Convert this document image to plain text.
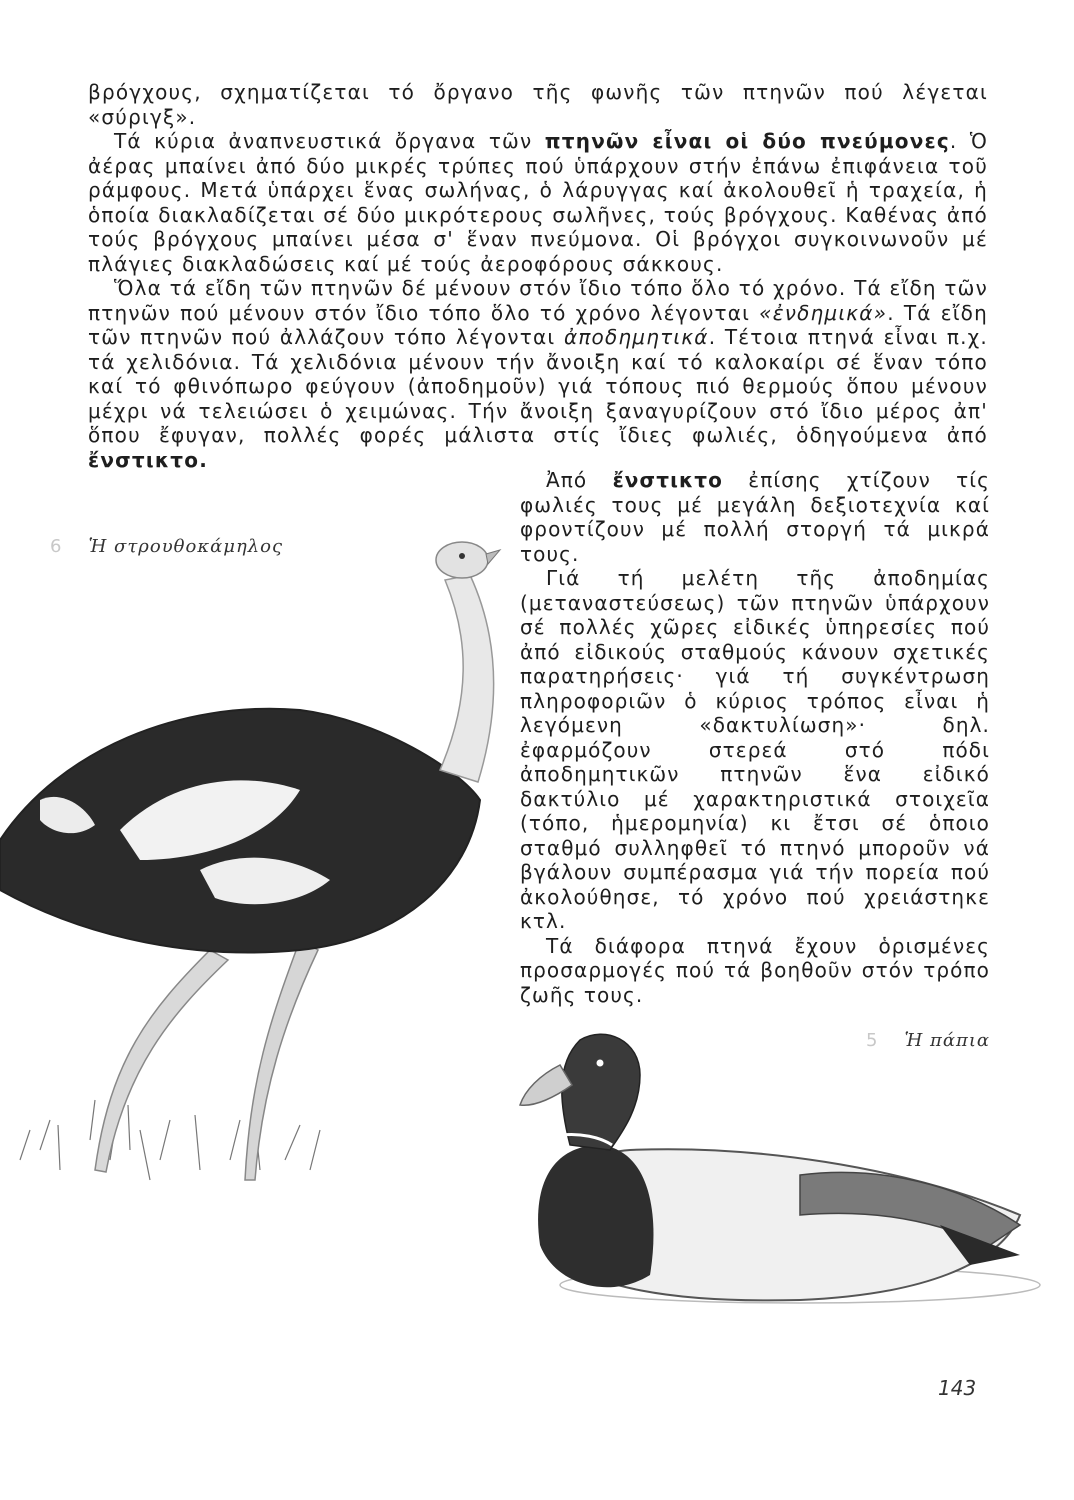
βρόγχους, σχηματίζεται τό ὄργανο τῆς φωνῆς τῶν πτηνῶν πού λέγεται «σύριγξ».

Τά κύρια ἀναπνευστικά ὄργανα τῶν πτηνῶν εἶναι οἱ δύο πνεύμονες. Ὁ ἀέρας μπαίνει ἀπό δύο μικρές τρύπες πού ὑπάρχουν στήν ἐπάνω ἐπιφάνεια τοῦ ράμφους. Μετά ὑπάρχει ἕνας σωλήνας, ὁ λάρυγγας καί ἀκολουθεῖ ἡ τραχεία, ἡ ὁποία διακλαδίζεται σέ δύο μικρότερους σωλῆνες, τούς βρόγχους. Καθένας ἀπό τούς βρόγχους μπαίνει μέσα σ' ἕναν πνεύμονα. Οἱ βρόγχοι συγκοινωνοῦν μέ πλάγιες διακλαδώσεις καί μέ τούς ἀεροφόρους σάκκους.

Ὅλα τά εἴδη τῶν πτηνῶν δέ μένουν στόν ἴδιο τόπο ὅλο τό χρόνο. Τά εἴδη τῶν πτηνῶν πού μένουν στόν ἴδιο τόπο ὅλο τό χρόνο λέγονται «ἐνδημικά». Τά εἴδη τῶν πτηνῶν πού ἀλλάζουν τόπο λέγονται ἀποδημητικά. Τέτοια πτηνά εἶναι π.χ. τά χελιδόνια. Τά χελιδόνια μένουν τήν ἄνοιξη καί τό καλοκαίρι σέ ἕναν τόπο καί τό φθινόπωρο φεύγουν (ἀποδημοῦν) γιά τόπους πιό θερμούς ὅπου μένουν μέχρι νά τελειώσει ὁ χειμώνας. Τήν ἄνοιξη ξαναγυρίζουν στό ἴδιο μέρος ἀπ' ὅπου ἔφυγαν, πολλές φορές μάλιστα στίς ἴδιες φωλιές, ὁδηγούμενα ἀπό ἔνστικτο.

Ἀπό ἔνστικτο ἐπίσης χτίζουν τίς φωλιές τους μέ μεγάλη δεξιοτεχνία καί φροντίζουν μέ πολλή στοργή τά μικρά τους.

Γιά τή μελέτη τῆς ἀποδημίας (μεταναστεύσεως) τῶν πτηνῶν ὑπάρχουν σέ πολλές χῶρες εἰδικές ὑπηρεσίες πού ἀπό εἰδικούς σταθμούς κάνουν σχετικές παρατηρήσεις· γιά τή συγκέντρωση πληροφοριῶν ὁ κύριος τρόπος εἶναι ἡ λεγόμενη «δακτυλίωση»· δηλ. ἐφαρμόζουν στερεά στό πόδι ἀποδημητικῶν πτηνῶν ἕνα εἰδικό δακτύλιο μέ χαρακτηριστικά στοιχεῖα (τόπο, ἡμερομηνία) κι ἔτσι σέ ὁποιο σταθμό συλληφθεῖ τό πτηνό μποροῦν νά βγάλουν συμπέρασμα γιά τήν πορεία πού ἀκολούθησε, τό χρόνο πού χρειάστηκε κτλ.

Τά διάφορα πτηνά ἔχουν ὁρισμένες προσαρμογές πού τά βοηθοῦν στόν τρόπο ζωῆς τους.

6 Ἡ στρουθοκάμηλος
5 Ἡ πάπια
143
